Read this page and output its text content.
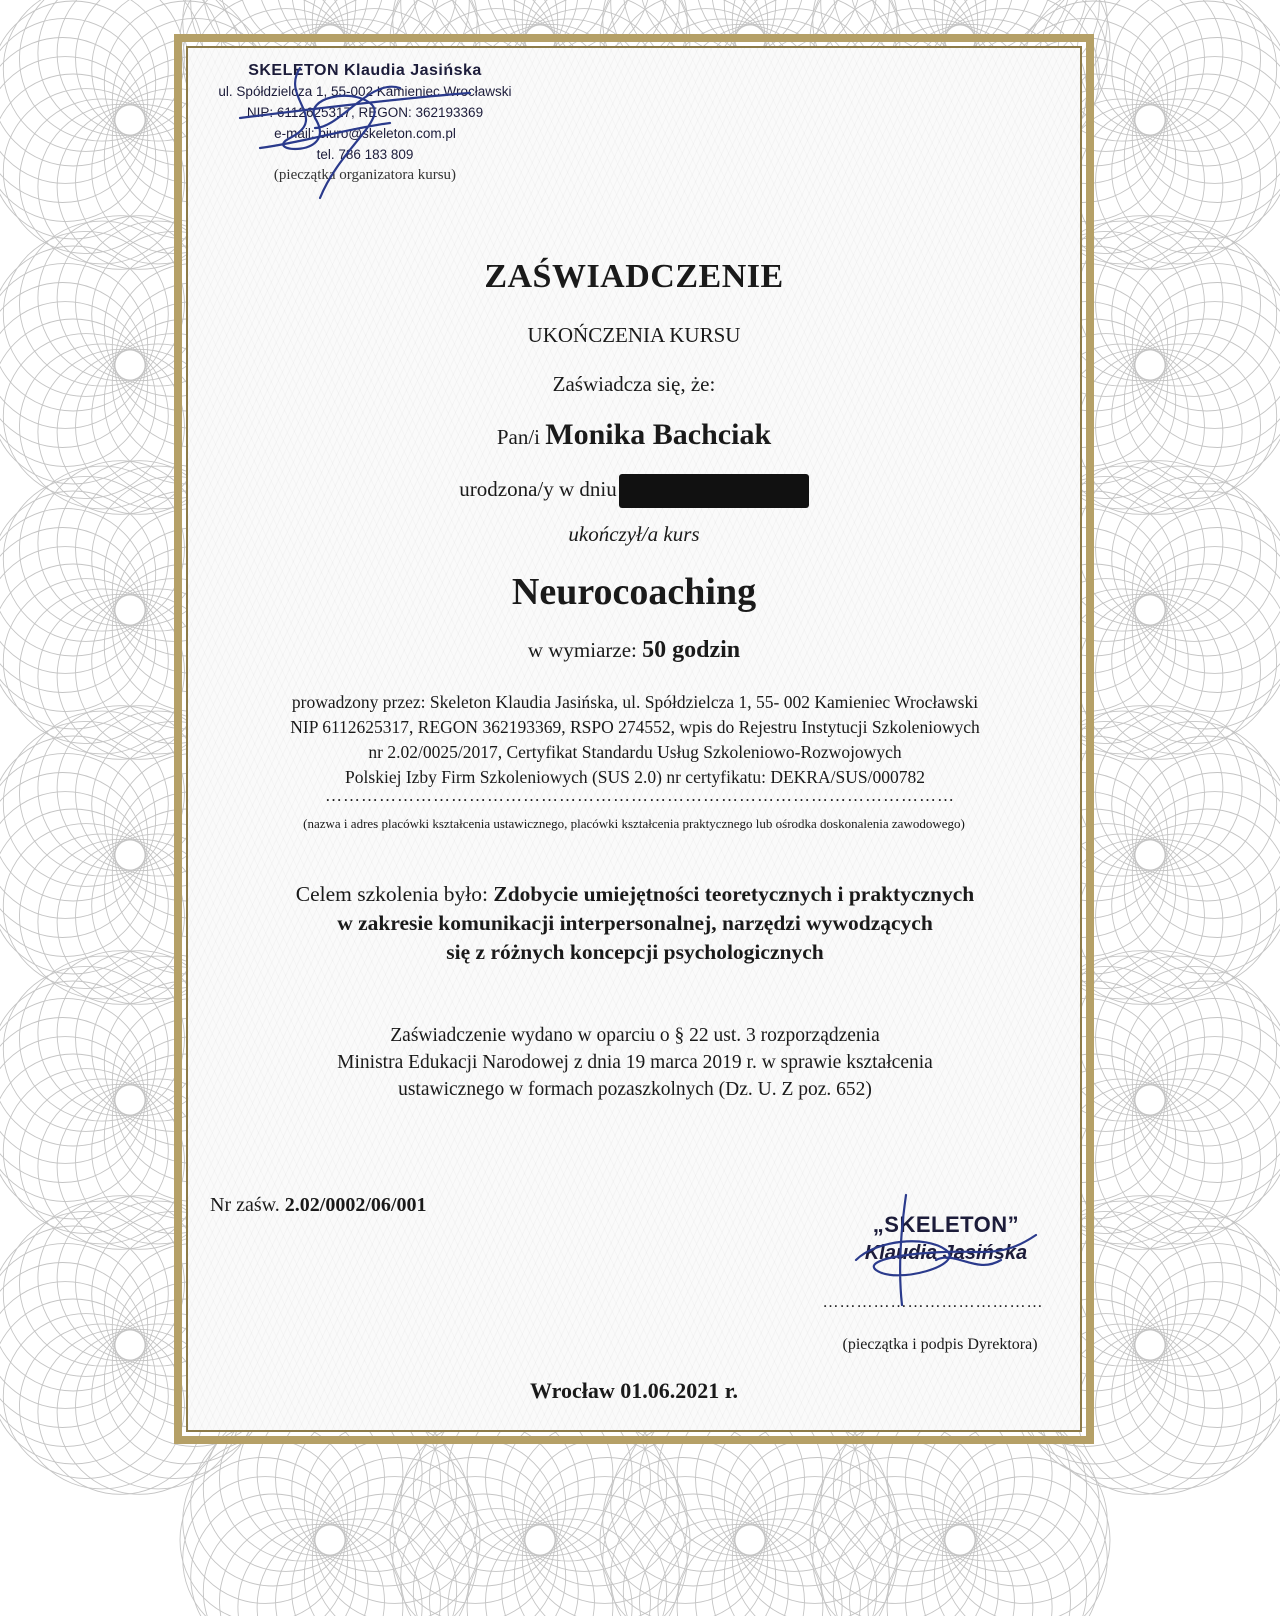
SKELETON Klaudia Jasińska
ul. Spółdzielcza 1, 55-002 Kamieniec Wrocławski
NIP: 6112625317, REGON: 362193369
e-mail: biuro@skeleton.com.pl
tel. 786 183 809
(pieczątka organizatora kursu)
ZAŚWIADCZENIE
UKOŃCZENIA KURSU
Zaświadcza się, że:
Pan/i Monika Bachciak
urodzona/y w dniu
ukończył/a kurs
Neurocoaching
w wymiarze: 50 godzin
prowadzony przez: Skeleton Klaudia Jasińska, ul. Spółdzielcza 1, 55- 002 Kamieniec Wrocławski
NIP 6112625317, REGON 362193369, RSPO 274552, wpis do Rejestru Instytucji Szkoleniowych
nr 2.02/0025/2017, Certyfikat Standardu Usług Szkoleniowo-Rozwojowych
Polskiej Izby Firm Szkoleniowych (SUS 2.0) nr certyfikatu: DEKRA/SUS/000782
……………………………………………………………………………………………
(nazwa i adres placówki kształcenia ustawicznego, placówki kształcenia praktycznego lub ośrodka doskonalenia zawodowego)
Celem szkolenia było: Zdobycie umiejętności teoretycznych i praktycznych
w zakresie komunikacji interpersonalnej, narzędzi wywodzących
się z różnych koncepcji psychologicznych
Zaświadczenie wydano w oparciu o § 22 ust. 3 rozporządzenia
Ministra Edukacji Narodowej z dnia 19 marca 2019 r. w sprawie kształcenia
ustawicznego w formach pozaszkolnych (Dz. U. Z poz. 652)
Nr zaśw. 2.02/0002/06/001
„SKELETON”
Klaudia Jasińska
…………………………………
(pieczątka i podpis Dyrektora)
Wrocław 01.06.2021 r.
